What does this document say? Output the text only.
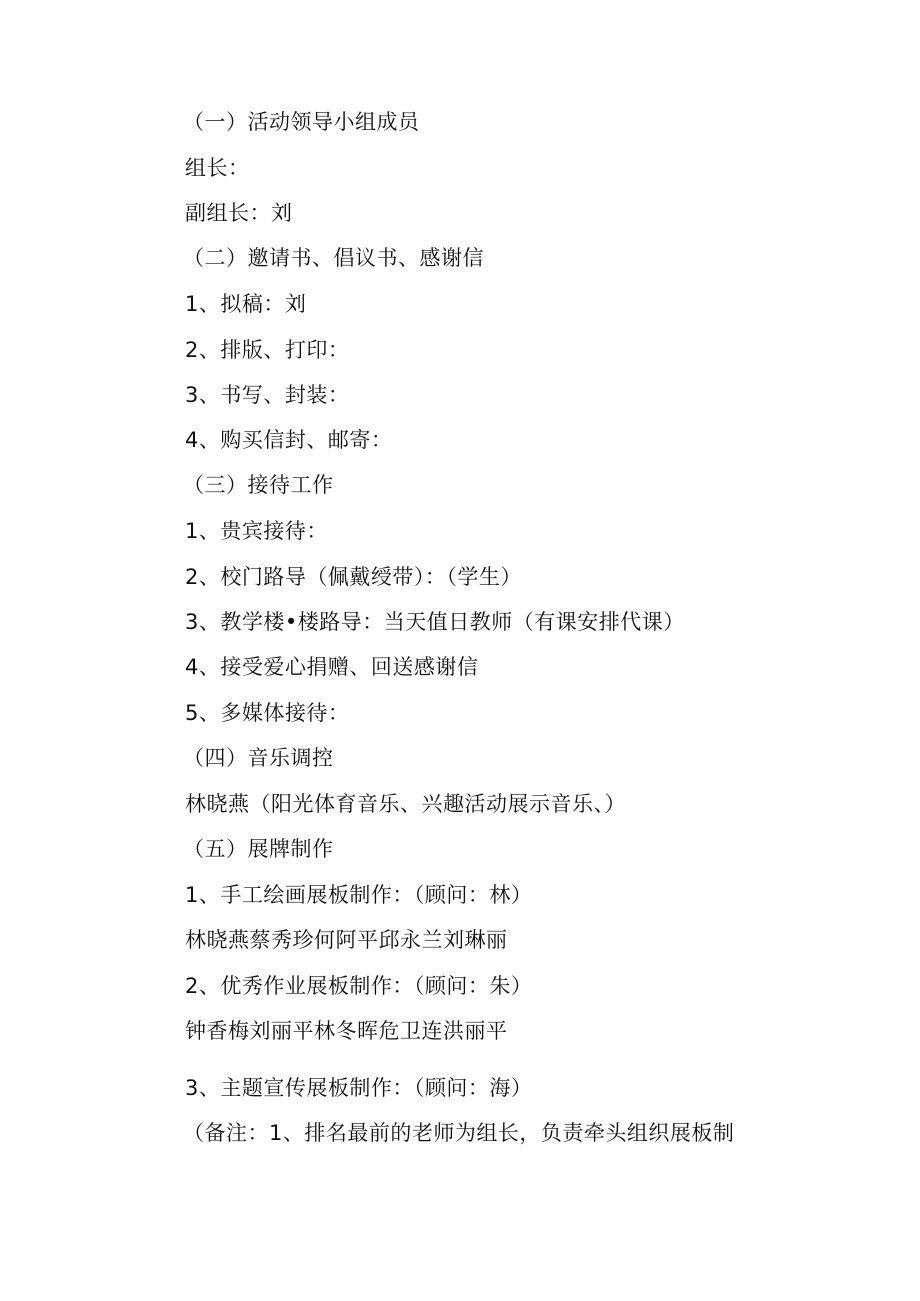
（一）活动领导小组成员
组长：
副组长：刘
（二）邀请书、倡议书、感谢信
1、拟稿：刘
2、排版、打印：
3、书写、封装：
4、购买信封、邮寄：
（三）接待工作
1、贵宾接待：
2、校门路导（佩戴绶带）：（学生）
3、教学楼•楼路导：当天值日教师（有课安排代课）
4、接受爱心捐赠、回送感谢信
5、多媒体接待：
（四）音乐调控
林晓燕（阳光体育音乐、兴趣活动展示音乐、）
（五）展牌制作
1、手工绘画展板制作：（顾问：林）
林晓燕蔡秀珍何阿平邱永兰刘琳丽
2、优秀作业展板制作：（顾问：朱）
钟香梅刘丽平林冬晖危卫连洪丽平
3、主题宣传展板制作：（顾问：海）
（备注：1、排名最前的老师为组长，负责牵头组织展板制
